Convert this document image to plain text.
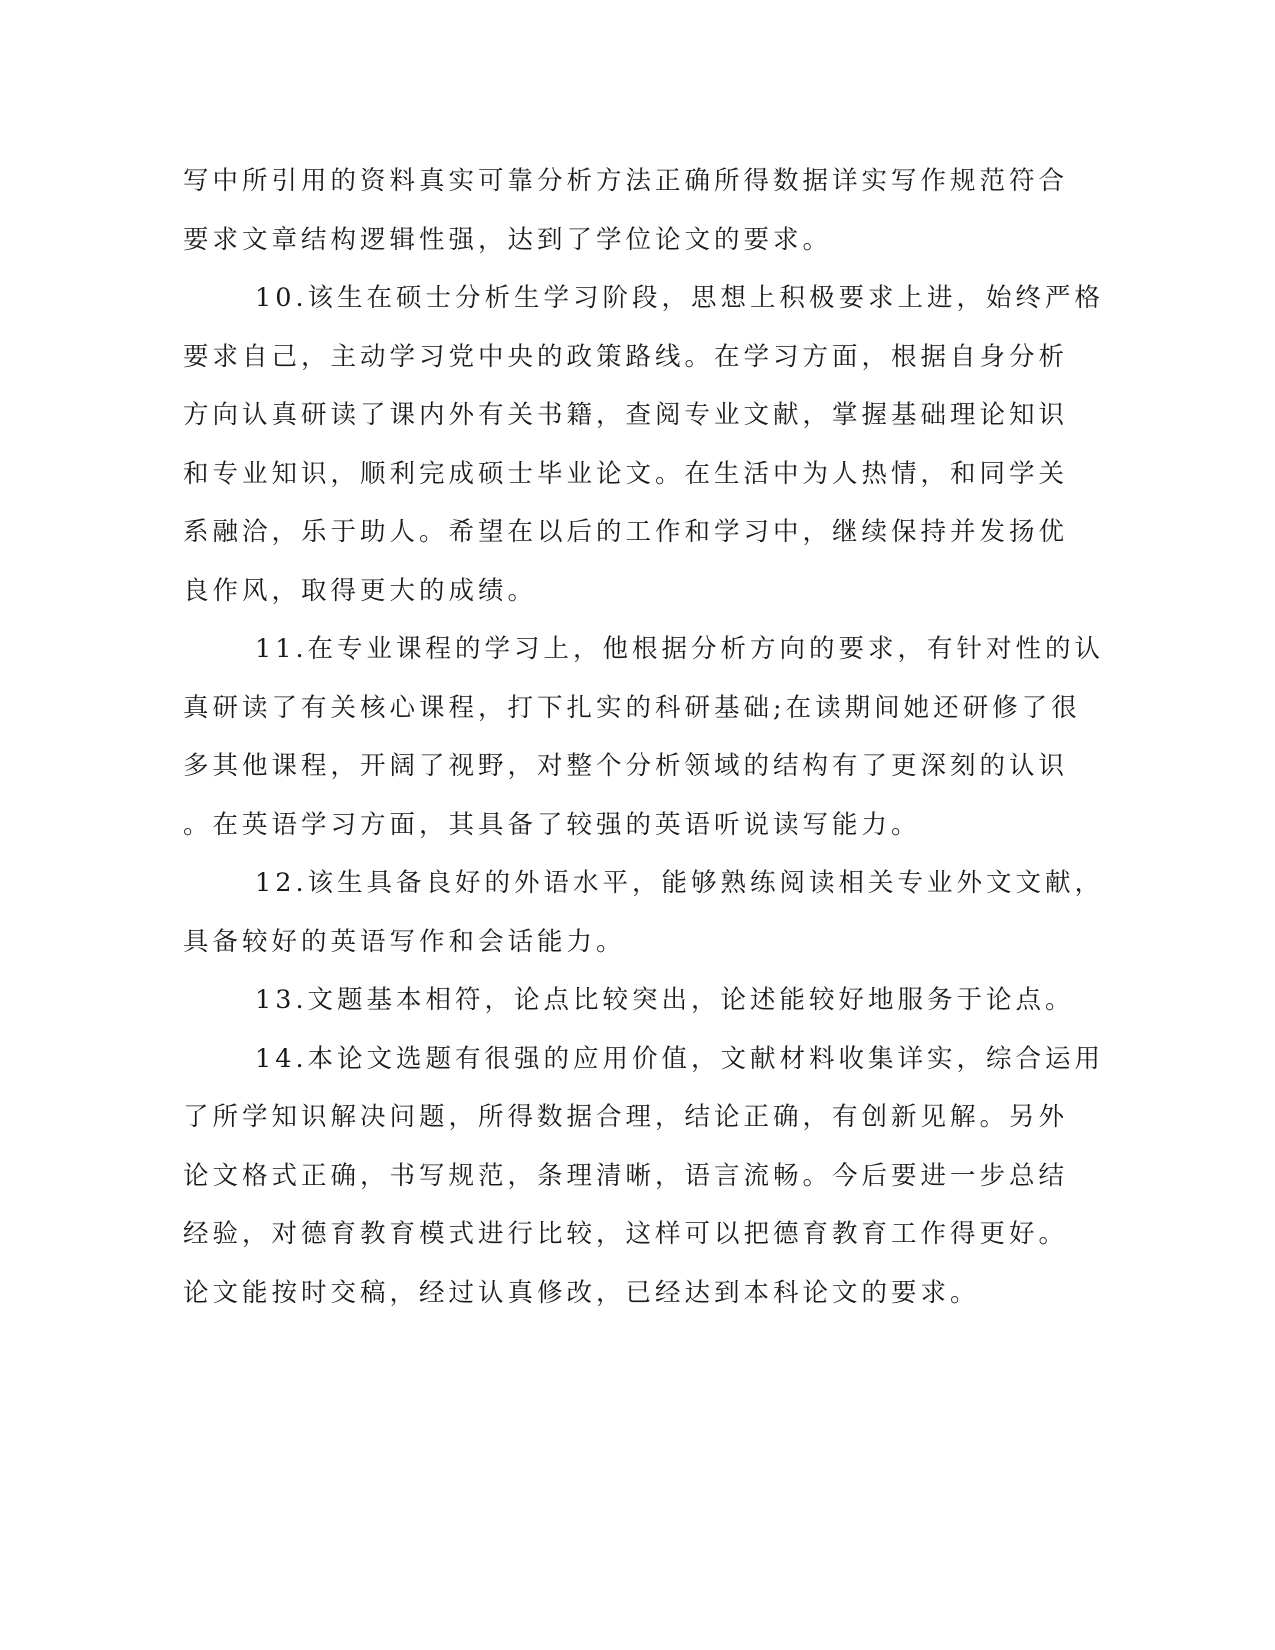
写中所引用的资料真实可靠分析方法正确所得数据详实写作规范符合
要求文章结构逻辑性强，达到了学位论文的要求。
10.该生在硕士分析生学习阶段，思想上积极要求上进，始终严格
要求自己，主动学习党中央的政策路线。在学习方面，根据自身分析
方向认真研读了课内外有关书籍，查阅专业文献，掌握基础理论知识
和专业知识，顺利完成硕士毕业论文。在生活中为人热情，和同学关
系融洽，乐于助人。希望在以后的工作和学习中，继续保持并发扬优
良作风，取得更大的成绩。
11.在专业课程的学习上，他根据分析方向的要求，有针对性的认
真研读了有关核心课程，打下扎实的科研基础;在读期间她还研修了很
多其他课程，开阔了视野，对整个分析领域的结构有了更深刻的认识
。在英语学习方面，其具备了较强的英语听说读写能力。
12.该生具备良好的外语水平，能够熟练阅读相关专业外文文献，
具备较好的英语写作和会话能力。
13.文题基本相符，论点比较突出，论述能较好地服务于论点。
14.本论文选题有很强的应用价值，文献材料收集详实，综合运用
了所学知识解决问题，所得数据合理，结论正确，有创新见解。另外
论文格式正确，书写规范，条理清晰，语言流畅。今后要进一步总结
经验，对德育教育模式进行比较，这样可以把德育教育工作得更好。
论文能按时交稿，经过认真修改，已经达到本科论文的要求。
